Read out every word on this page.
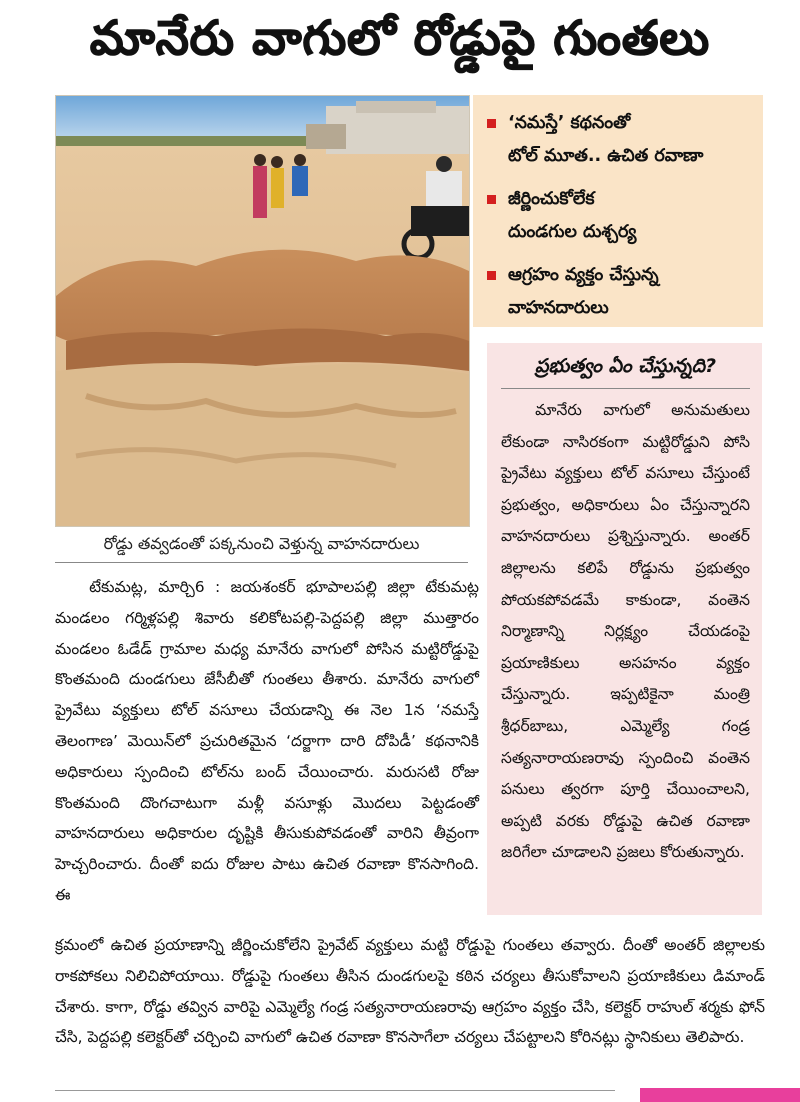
మానేరు వాగులో రోడ్డుపై గుంతలు
రోడ్డు తవ్వడంతో పక్కనుంచి వెళ్తున్న వాహనదారులు
‘నమస్తే’ కథనంతో
టోల్‌ మూత.. ఉచిత రవాణా
జీర్ణించుకోలేక
దుండగుల దుశ్చర్య
ఆగ్రహం వ్యక్తం చేస్తున్న
వాహనదారులు
ప్రభుత్వం ఏం చేస్తున్నది?

మానేరు వాగులో అనుమతులు లేకుండా నాసిరకంగా మట్టిరోడ్డుని పోసి ప్రైవేటు వ్యక్తులు టోల్‌ వసూలు చేస్తుంటే ప్రభుత్వం, అధికారులు ఏం చేస్తున్నారని వాహనదారులు ప్రశ్నిస్తున్నారు. అంతర్‌ జిల్లాలను కలిపే రోడ్డును ప్రభుత్వం పోయకపోవడమే కాకుండా, వంతెన నిర్మాణాన్ని నిర్లక్ష్యం చేయడంపై ప్రయాణికులు అసహనం వ్యక్తం చేస్తున్నారు. ఇప్పటికైనా మంత్రి శ్రీధర్‌బాబు, ఎమ్మెల్యే గండ్ర సత్యనారాయణరావు స్పందించి వంతెన పనులు త్వరగా పూర్తి చేయించాలని, అప్పటి వరకు రోడ్డుపై ఉచిత రవాణా జరిగేలా చూడాలని ప్రజలు కోరుతున్నారు.

టేకుమట్ల, మార్చి6 : జయశంకర్‌ భూపాలపల్లి జిల్లా టేకుమట్ల మండలం గర్మిళ్లపల్లి శివారు కలికోటపల్లి-పెద్దపల్లి జిల్లా ముత్తారం మండలం ఓడేడ్‌ గ్రామాల మధ్య మానేరు వాగులో పోసిన మట్టిరోడ్డుపై కొంతమంది దుండగులు జేసీబీతో గుంతలు తీశారు. మానేరు వాగులో ప్రైవేటు వ్యక్తులు టోల్‌ వసూలు చేయడాన్ని ఈ నెల 1న ‘నమస్తే తెలంగాణ’ మెయిన్‌లో ప్రచురితమైన ‘దర్జాగా దారి దోపిడీ’ కథనానికి అధికారులు స్పందించి టోల్‌ను బంద్‌ చేయించారు. మరుసటి రోజు కొంతమంది దొంగచాటుగా మళ్లీ వసూళ్లు మొదలు పెట్టడంతో వాహనదారులు అధికారుల దృష్టికి తీసుకుపోవడంతో వారిని తీవ్రంగా హెచ్చరించారు. దీంతో ఐదు రోజుల పాటు ఉచిత రవాణా కొనసాగింది. ఈ

క్రమంలో ఉచిత ప్రయాణాన్ని జీర్ణించుకోలేని ప్రైవేట్‌ వ్యక్తులు మట్టి రోడ్డుపై గుంతలు తవ్వారు. దీంతో అంతర్‌ జిల్లాలకు రాకపోకలు నిలిచిపోయాయి. రోడ్డుపై గుంతలు తీసిన దుండగులపై కఠిన చర్యలు తీసుకోవాలని ప్రయాణికులు డిమాండ్‌ చేశారు. కాగా, రోడ్డు తవ్విన వారిపై ఎమ్మెల్యే గండ్ర సత్యనారాయణరావు ఆగ్రహం వ్యక్తం చేసి, కలెక్టర్‌ రాహుల్‌ శర్మకు ఫోన్‌ చేసి, పెద్దపల్లి కలెక్టర్‌తో చర్చించి వాగులో ఉచిత రవాణా కొనసాగేలా చర్యలు చేపట్టాలని కోరినట్లు స్థానికులు తెలిపారు.
